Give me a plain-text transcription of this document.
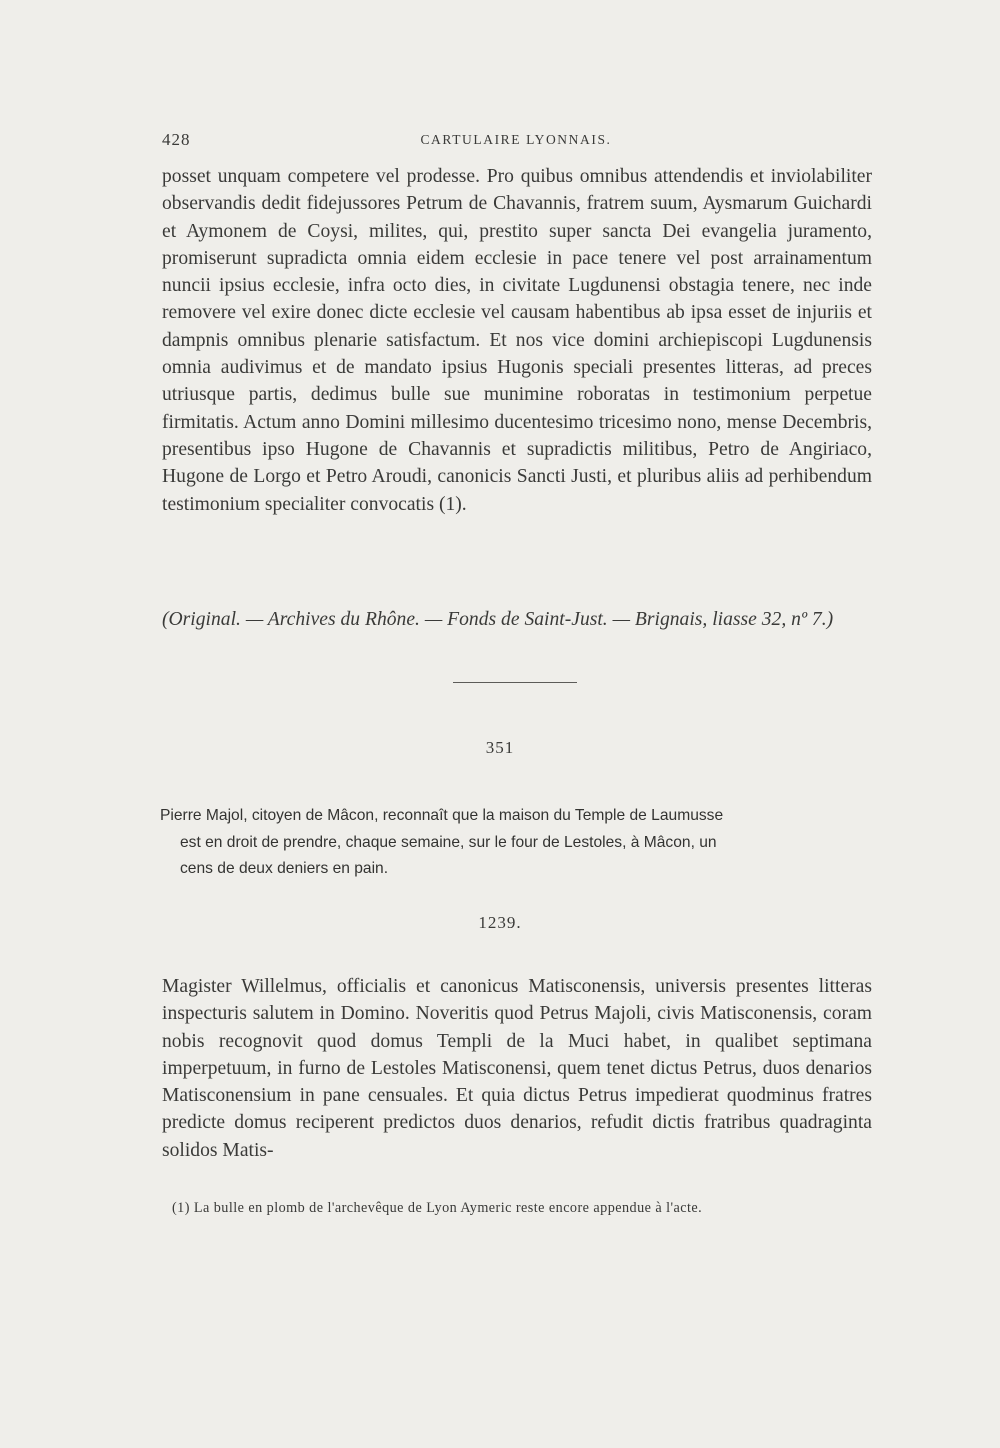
428	CARTULAIRE LYONNAIS.

posset unquam competere vel prodesse. Pro quibus omnibus attendendis et inviolabiliter observandis dedit fidejussores Petrum de Chavannis, fratrem suum, Aysmarum Guichardi et Aymonem de Coysi, milites, qui, prestito super sancta Dei evangelia juramento, promiserunt supradicta omnia eidem ecclesie in pace tenere vel post arrainamentum nuncii ipsius ecclesie, infra octo dies, in civitate Lugdunensi obstagia tenere, nec inde removere vel exire donec dicte ecclesie vel causam habentibus ab ipsa esset de injuriis et dampnis omnibus plenarie satisfactum. Et nos vice domini archiepiscopi Lugdunensis omnia audivimus et de mandato ipsius Hugonis speciali presentes litteras, ad preces utriusque partis, dedimus bulle sue munimine roboratas in testimonium perpetue firmitatis. Actum anno Domini millesimo ducentesimo tricesimo nono, mense Decembris, presentibus ipso Hugone de Chavannis et supradictis militibus, Petro de Angiriaco, Hugone de Lorgo et Petro Aroudi, canonicis Sancti Justi, et pluribus aliis ad perhibendum testimonium specialiter convocatis (1).

(Original. — Archives du Rhône. — Fonds de Saint-Just. — Brignais, liasse 32, nº 7.)

351

Pierre Majol, citoyen de Mâcon, reconnaît que la maison du Temple de Laumusse
est en droit de prendre, chaque semaine, sur le four de Lestoles, à Mâcon, un
cens de deux deniers en pain.

1239.

Magister Willelmus, officialis et canonicus Matisconensis, universis presentes litteras inspecturis salutem in Domino. Noveritis quod Petrus Majoli, civis Matisconensis, coram nobis recognovit quod domus Templi de la Muci habet, in qualibet septimana imperpetuum, in furno de Lestoles Matisconensi, quem tenet dictus Petrus, duos denarios Matisconensium in pane censuales. Et quia dictus Petrus impedierat quodminus fratres predicte domus reciperent predictos duos denarios, refudit dictis fratribus quadraginta solidos Matis-

(1) La bulle en plomb de l'archevêque de Lyon Aymeric reste encore appendue à l'acte.
